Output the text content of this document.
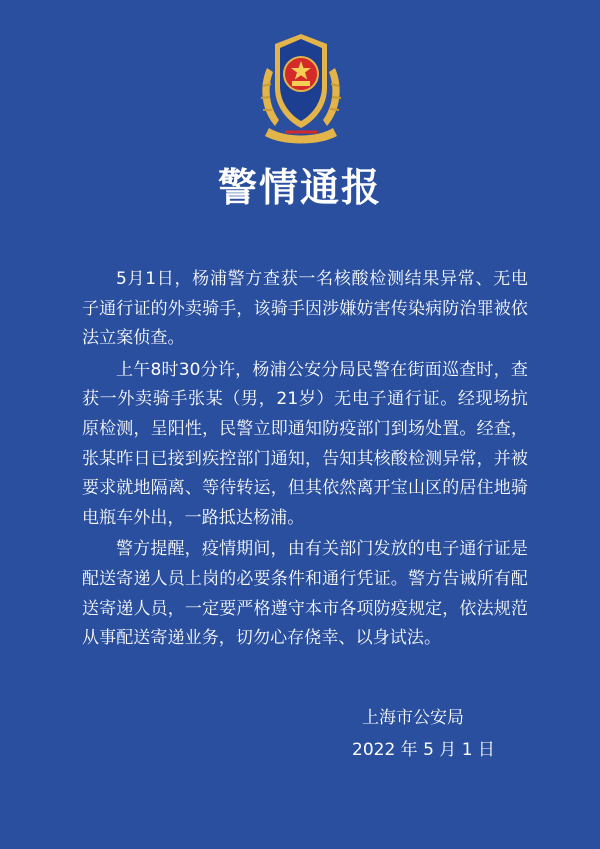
警情通报

5月1日，杨浦警方查获一名核酸检测结果异常、无电子通行证的外卖骑手，该骑手因涉嫌妨害传染病防治罪被依法立案侦查。

上午8时30分许，杨浦公安分局民警在街面巡查时，查获一外卖骑手张某（男，21岁）无电子通行证。经现场抗原检测，呈阳性，民警立即通知防疫部门到场处置。经查，张某昨日已接到疾控部门通知，告知其核酸检测异常，并被要求就地隔离、等待转运，但其依然离开宝山区的居住地骑电瓶车外出，一路抵达杨浦。

警方提醒，疫情期间，由有关部门发放的电子通行证是配送寄递人员上岗的必要条件和通行凭证。警方告诫所有配送寄递人员，一定要严格遵守本市各项防疫规定，依法规范从事配送寄递业务，切勿心存侥幸、以身试法。

上海市公安局
2022 年 5 月 1 日
